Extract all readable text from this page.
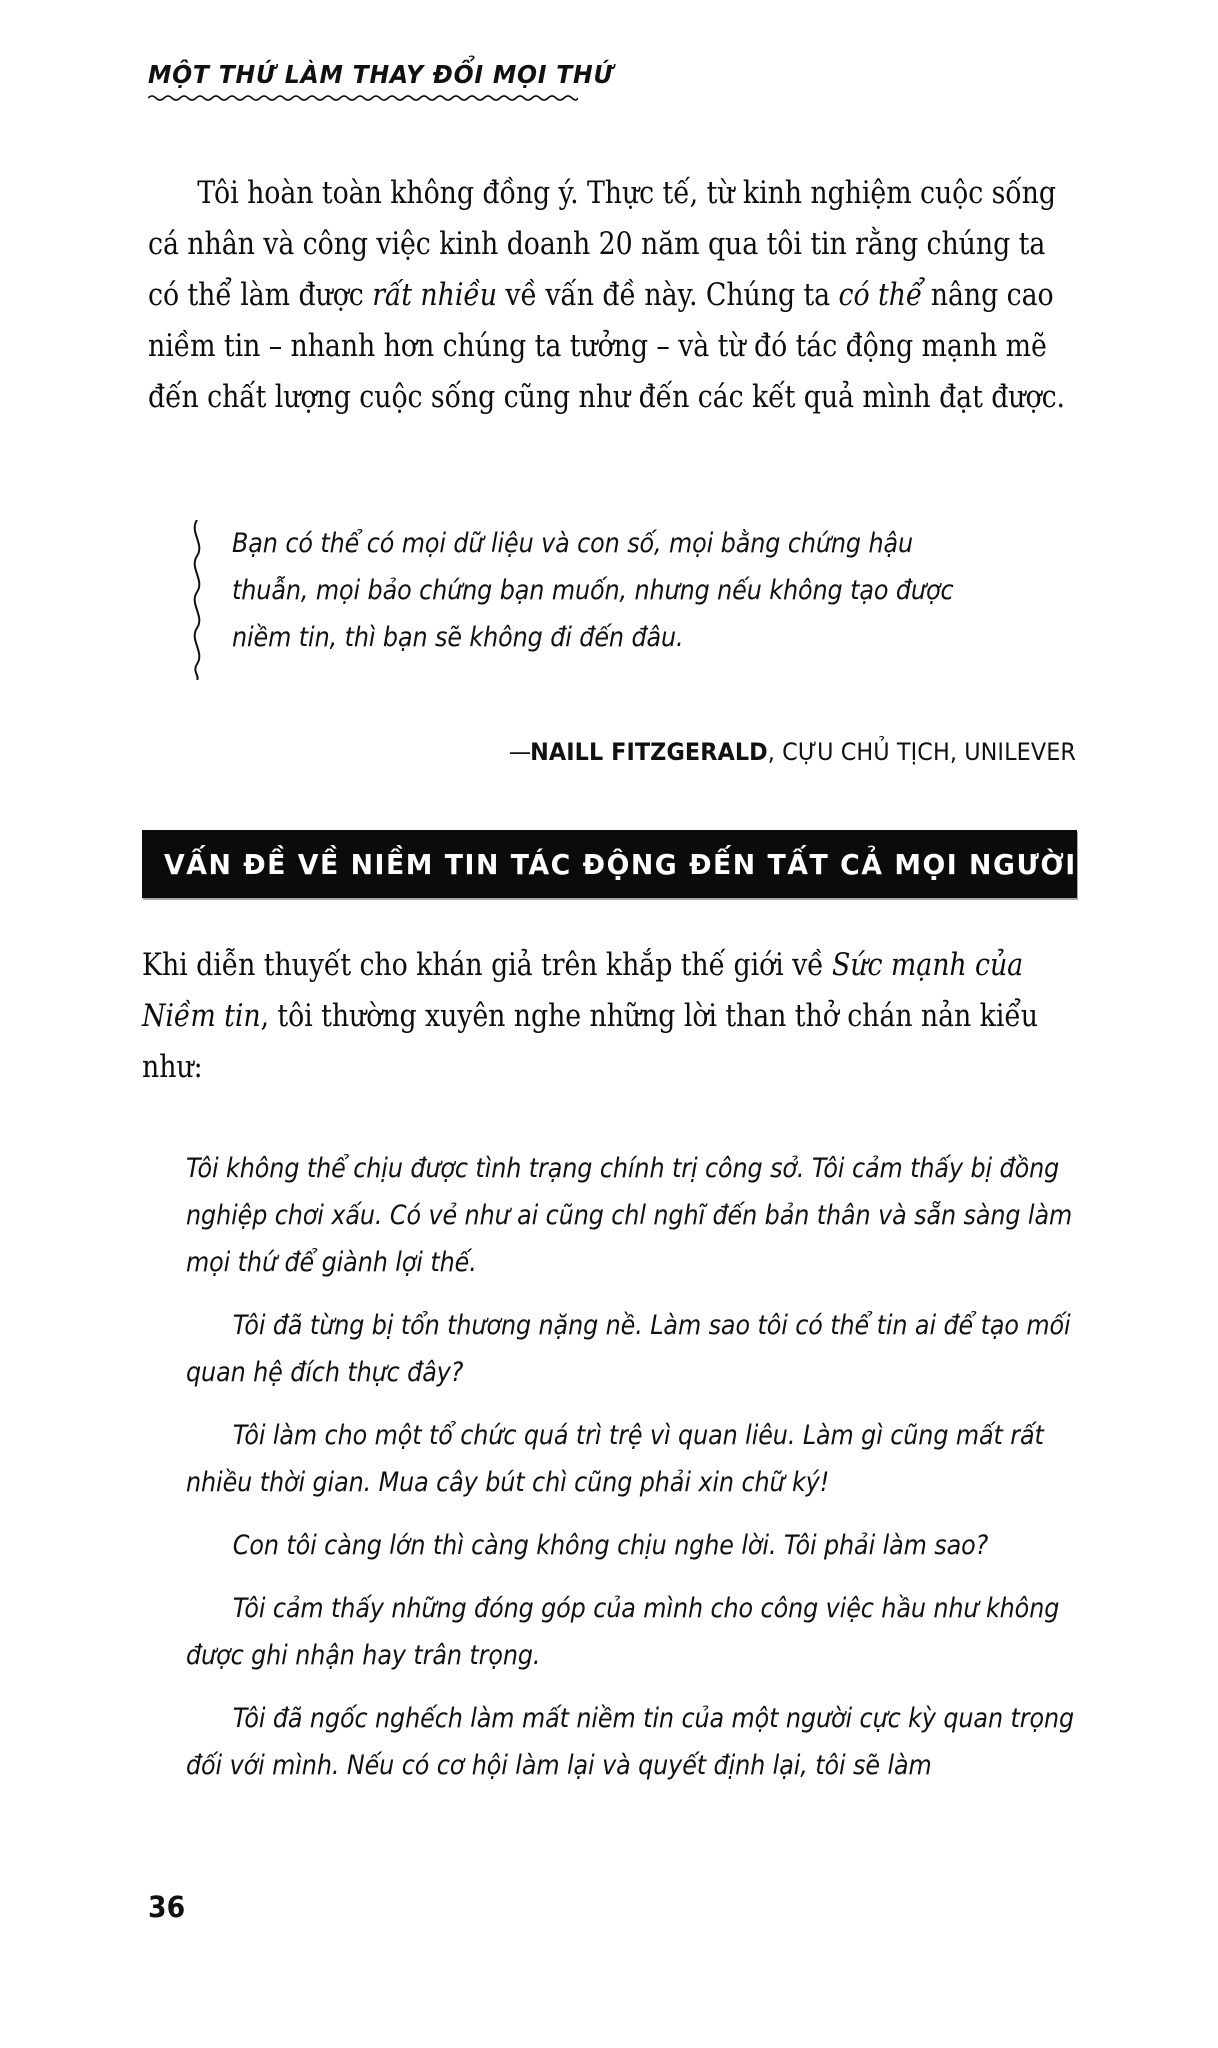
MỘT THỨ LÀM THAY ĐỔI MỌI THỨ

Tôi hoàn toàn không đồng ý. Thực tế, từ kinh nghiệm cuộc sống cá nhân và công việc kinh doanh 20 năm qua tôi tin rằng chúng ta có thể làm được rất nhiều về vấn đề này. Chúng ta có thể nâng cao niềm tin – nhanh hơn chúng ta tưởng – và từ đó tác động mạnh mẽ đến chất lượng cuộc sống cũng như đến các kết quả mình đạt được.

Bạn có thể có mọi dữ liệu và con số, mọi bằng chứng hậu thuẫn, mọi bảo chứng bạn muốn, nhưng nếu không tạo được niềm tin, thì bạn sẽ không đi đến đâu.
—NAILL FITZGERALD, CỰU CHỦ TỊCH, UNILEVER
VẤN ĐỀ VỀ NIỀM TIN TÁC ĐỘNG ĐẾN TẤT CẢ MỌI NGƯỜI

Khi diễn thuyết cho khán giả trên khắp thế giới về Sức mạnh của Niềm tin, tôi thường xuyên nghe những lời than thở chán nản kiểu như:

Tôi không thể chịu được tình trạng chính trị công sở. Tôi cảm thấy bị đồng nghiệp chơi xấu. Có vẻ như ai cũng chl nghĩ đến bản thân và sẵn sàng làm mọi thứ để giành lợi thế.

Tôi đã từng bị tổn thương nặng nề. Làm sao tôi có thể tin ai để tạo mối quan hệ đích thực đây?

Tôi làm cho một tổ chức quá trì trệ vì quan liêu. Làm gì cũng mất rất nhiều thời gian. Mua cây bút chì cũng phải xin chữ ký!

Con tôi càng lớn thì càng không chịu nghe lời. Tôi phải làm sao?

Tôi cảm thấy những đóng góp của mình cho công việc hầu như không được ghi nhận hay trân trọng.

Tôi đã ngốc nghếch làm mất niềm tin của một người cực kỳ quan trọng đối với mình. Nếu có cơ hội làm lại và quyết định lại, tôi sẽ làm

36
